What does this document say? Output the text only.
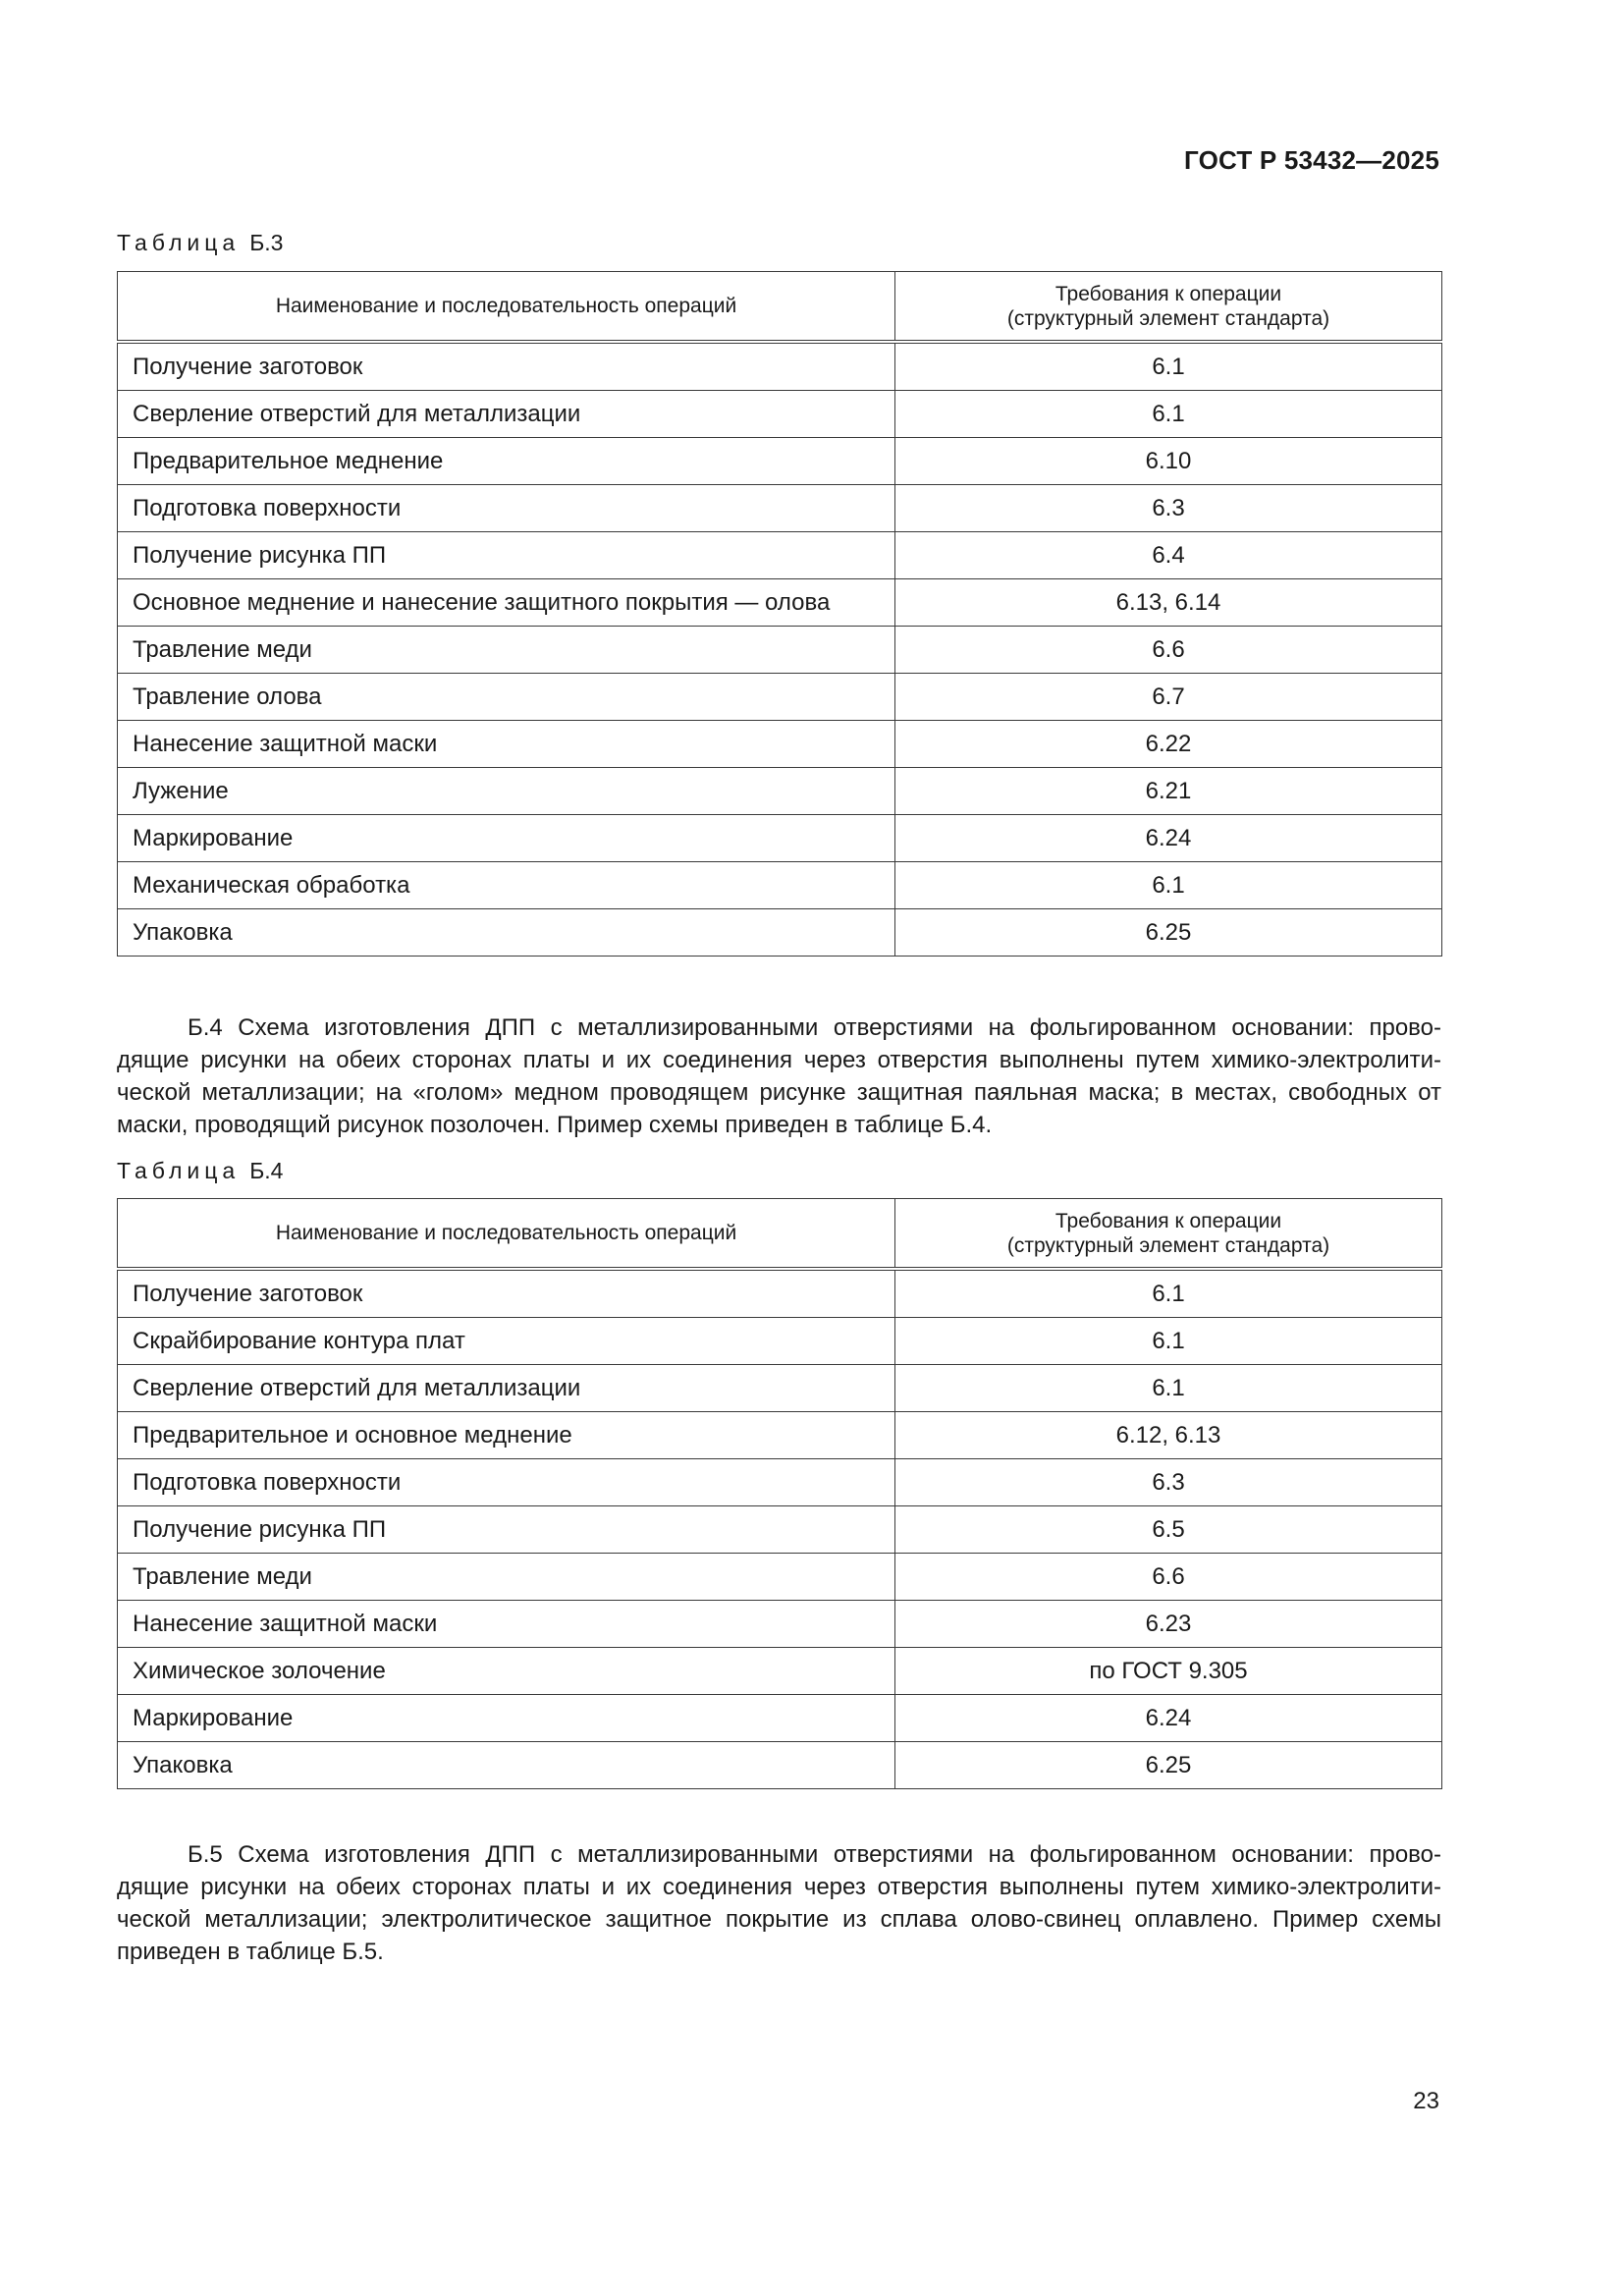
ГОСТ Р 53432—2025
Таблица Б.3
Наименование и последовательность операций	Требования к операции
(структурный элемент стандарта)
Получение заготовок	6.1
Сверление отверстий для металлизации	6.1
Предварительное меднение	6.10
Подготовка поверхности	6.3
Получение рисунка ПП	6.4
Основное меднение и нанесение защитного покрытия — олова	6.13, 6.14
Травление меди	6.6
Травление олова	6.7
Нанесение защитной маски	6.22
Лужение	6.21
Маркирование	6.24
Механическая обработка	6.1
Упаковка	6.25

Б.4 Схема изготовления ДПП с металлизированными отверстиями на фольгированном основании: прово-
дящие рисунки на обеих сторонах платы и их соединения через отверстия выполнены путем химико-электролити-
ческой металлизации; на «голом» медном проводящем рисунке защитная паяльная маска; в местах, свободных от
маски, проводящий рисунок позолочен. Пример схемы приведен в таблице Б.4.

Таблица Б.4
Наименование и последовательность операций	Требования к операции
(структурный элемент стандарта)
Получение заготовок	6.1
Скрайбирование контура плат	6.1
Сверление отверстий для металлизации	6.1
Предварительное и основное меднение	6.12, 6.13
Подготовка поверхности	6.3
Получение рисунка ПП	6.5
Травление меди	6.6
Нанесение защитной маски	6.23
Химическое золочение	по ГОСТ 9.305
Маркирование	6.24
Упаковка	6.25

Б.5 Схема изготовления ДПП с металлизированными отверстиями на фольгированном основании: прово-
дящие рисунки на обеих сторонах платы и их соединения через отверстия выполнены путем химико-электролити-
ческой металлизации; электролитическое защитное покрытие из сплава олово-свинец оплавлено. Пример схемы
приведен в таблице Б.5.

23
